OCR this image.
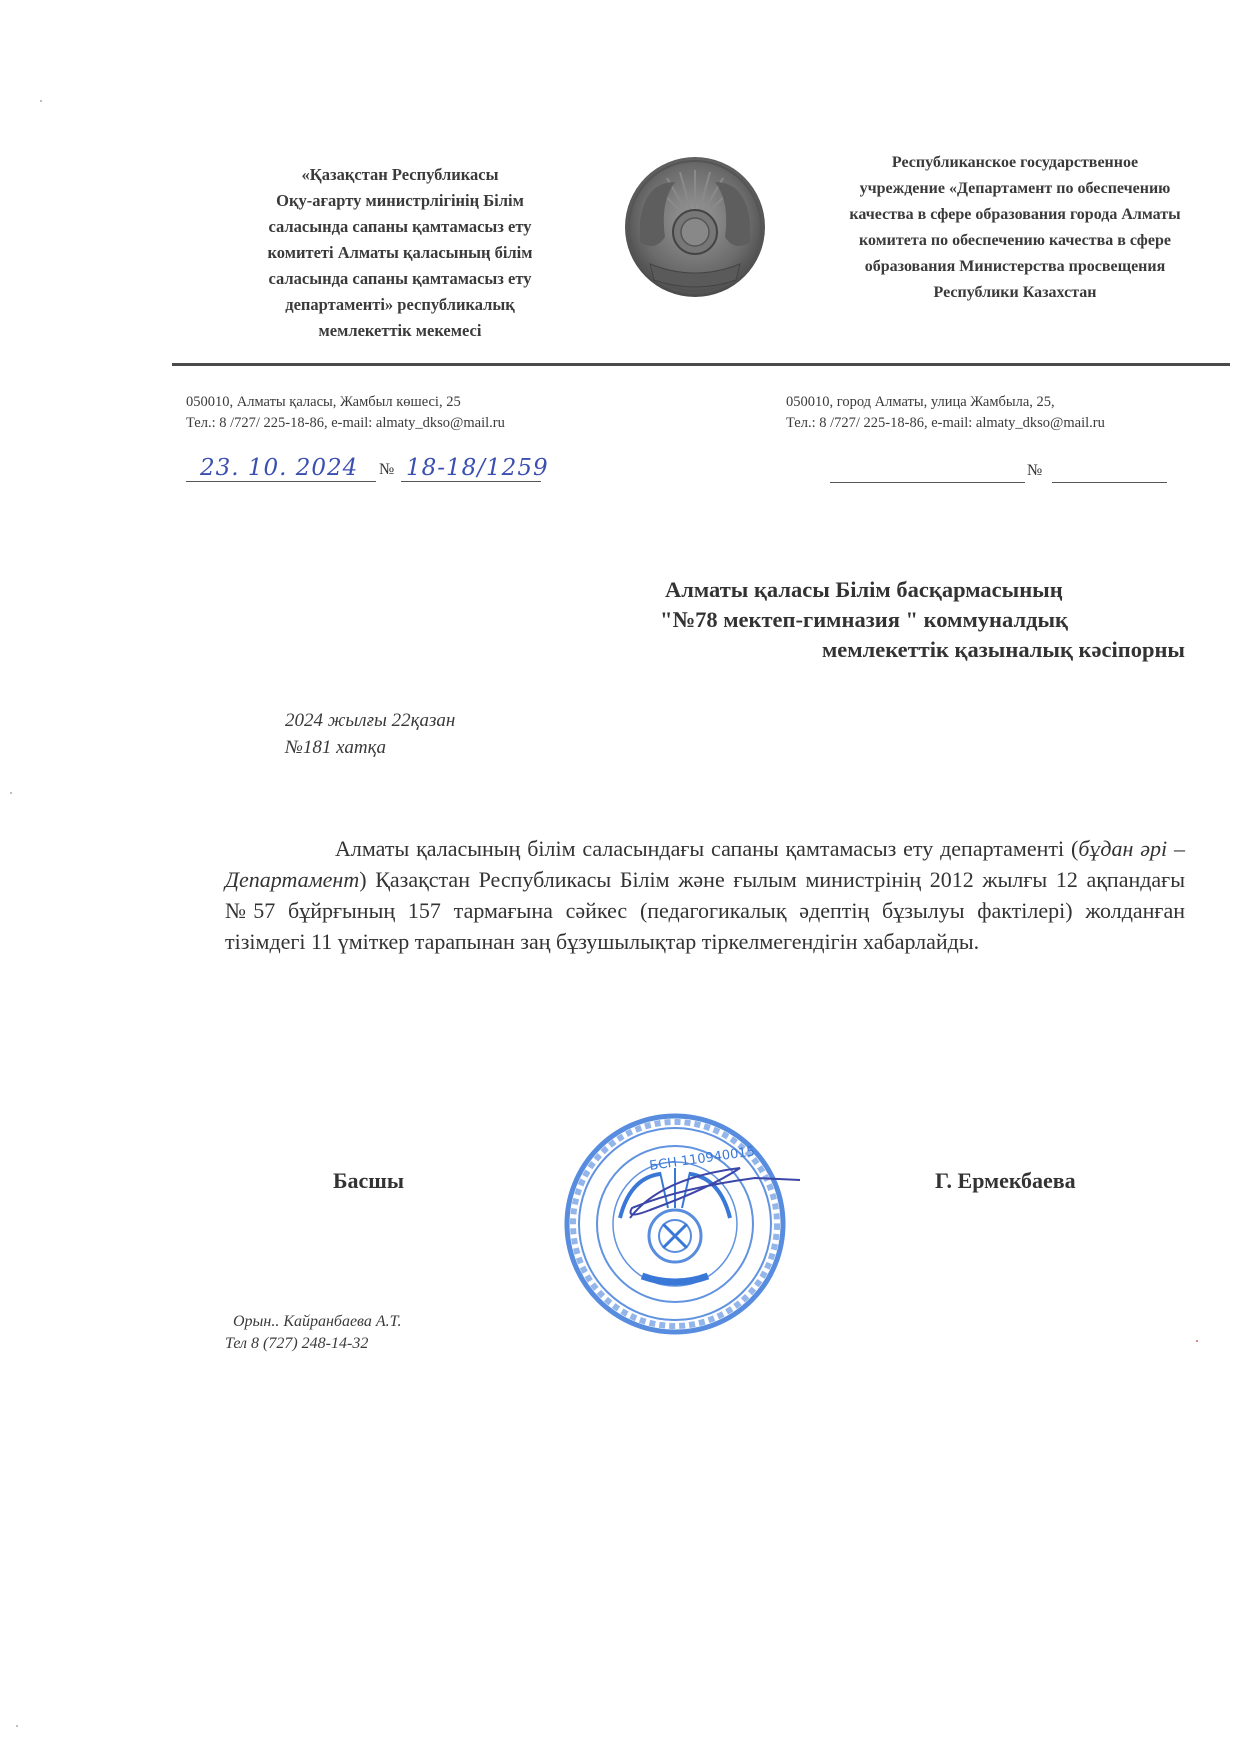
«Қазақстан Республикасы
Оқу-ағарту министрлігінің Білім
саласында сапаны қамтамасыз ету
комитеті Алматы қаласының білім
саласында сапаны қамтамасыз ету
департаменті» республикалық
мемлекеттік мекемесі
Республиканское государственное
учреждение «Департамент по обеспечению
качества в сфере образования города Алматы
комитета по обеспечению качества в сфере
образования Министерства просвещения
Республики Казахстан
050010, Алматы қаласы, Жамбыл көшесі, 25
Тел.: 8 /727/ 225-18-86, e-mail: almaty_dkso@mail.ru
050010, город Алматы, улица Жамбыла, 25,
Тел.: 8 /727/ 225-18-86, e-mail: almaty_dkso@mail.ru
23. 10. 2024 № 18-18/1259	№
Алматы қаласы Білім басқармасының
"№78 мектеп-гимназия " коммуналдық
мемлекеттік қазыналық кәсіпорны
2024 жылғы 22қазан
№181 хатқа
Алматы қаласының білім саласындағы сапаны қамтамасыз ету департаменті (бұдан әрі – Департамент) Қазақстан Республикасы Білім және ғылым министрінің 2012 жылғы 12 ақпандағы №57 бұйрғының 157 тармағына сәйкес (педагогикалық әдептің бұзылуы фактілері) жолданған тізімдегі 11 үміткер тарапынан заң бұзушылықтар тіркелмегендігін хабарлайды.
Басшы	Г. Ермекбаева
БСН 110940015
Орын.. Кайранбаева А.Т.
Тел 8 (727) 248-14-32
